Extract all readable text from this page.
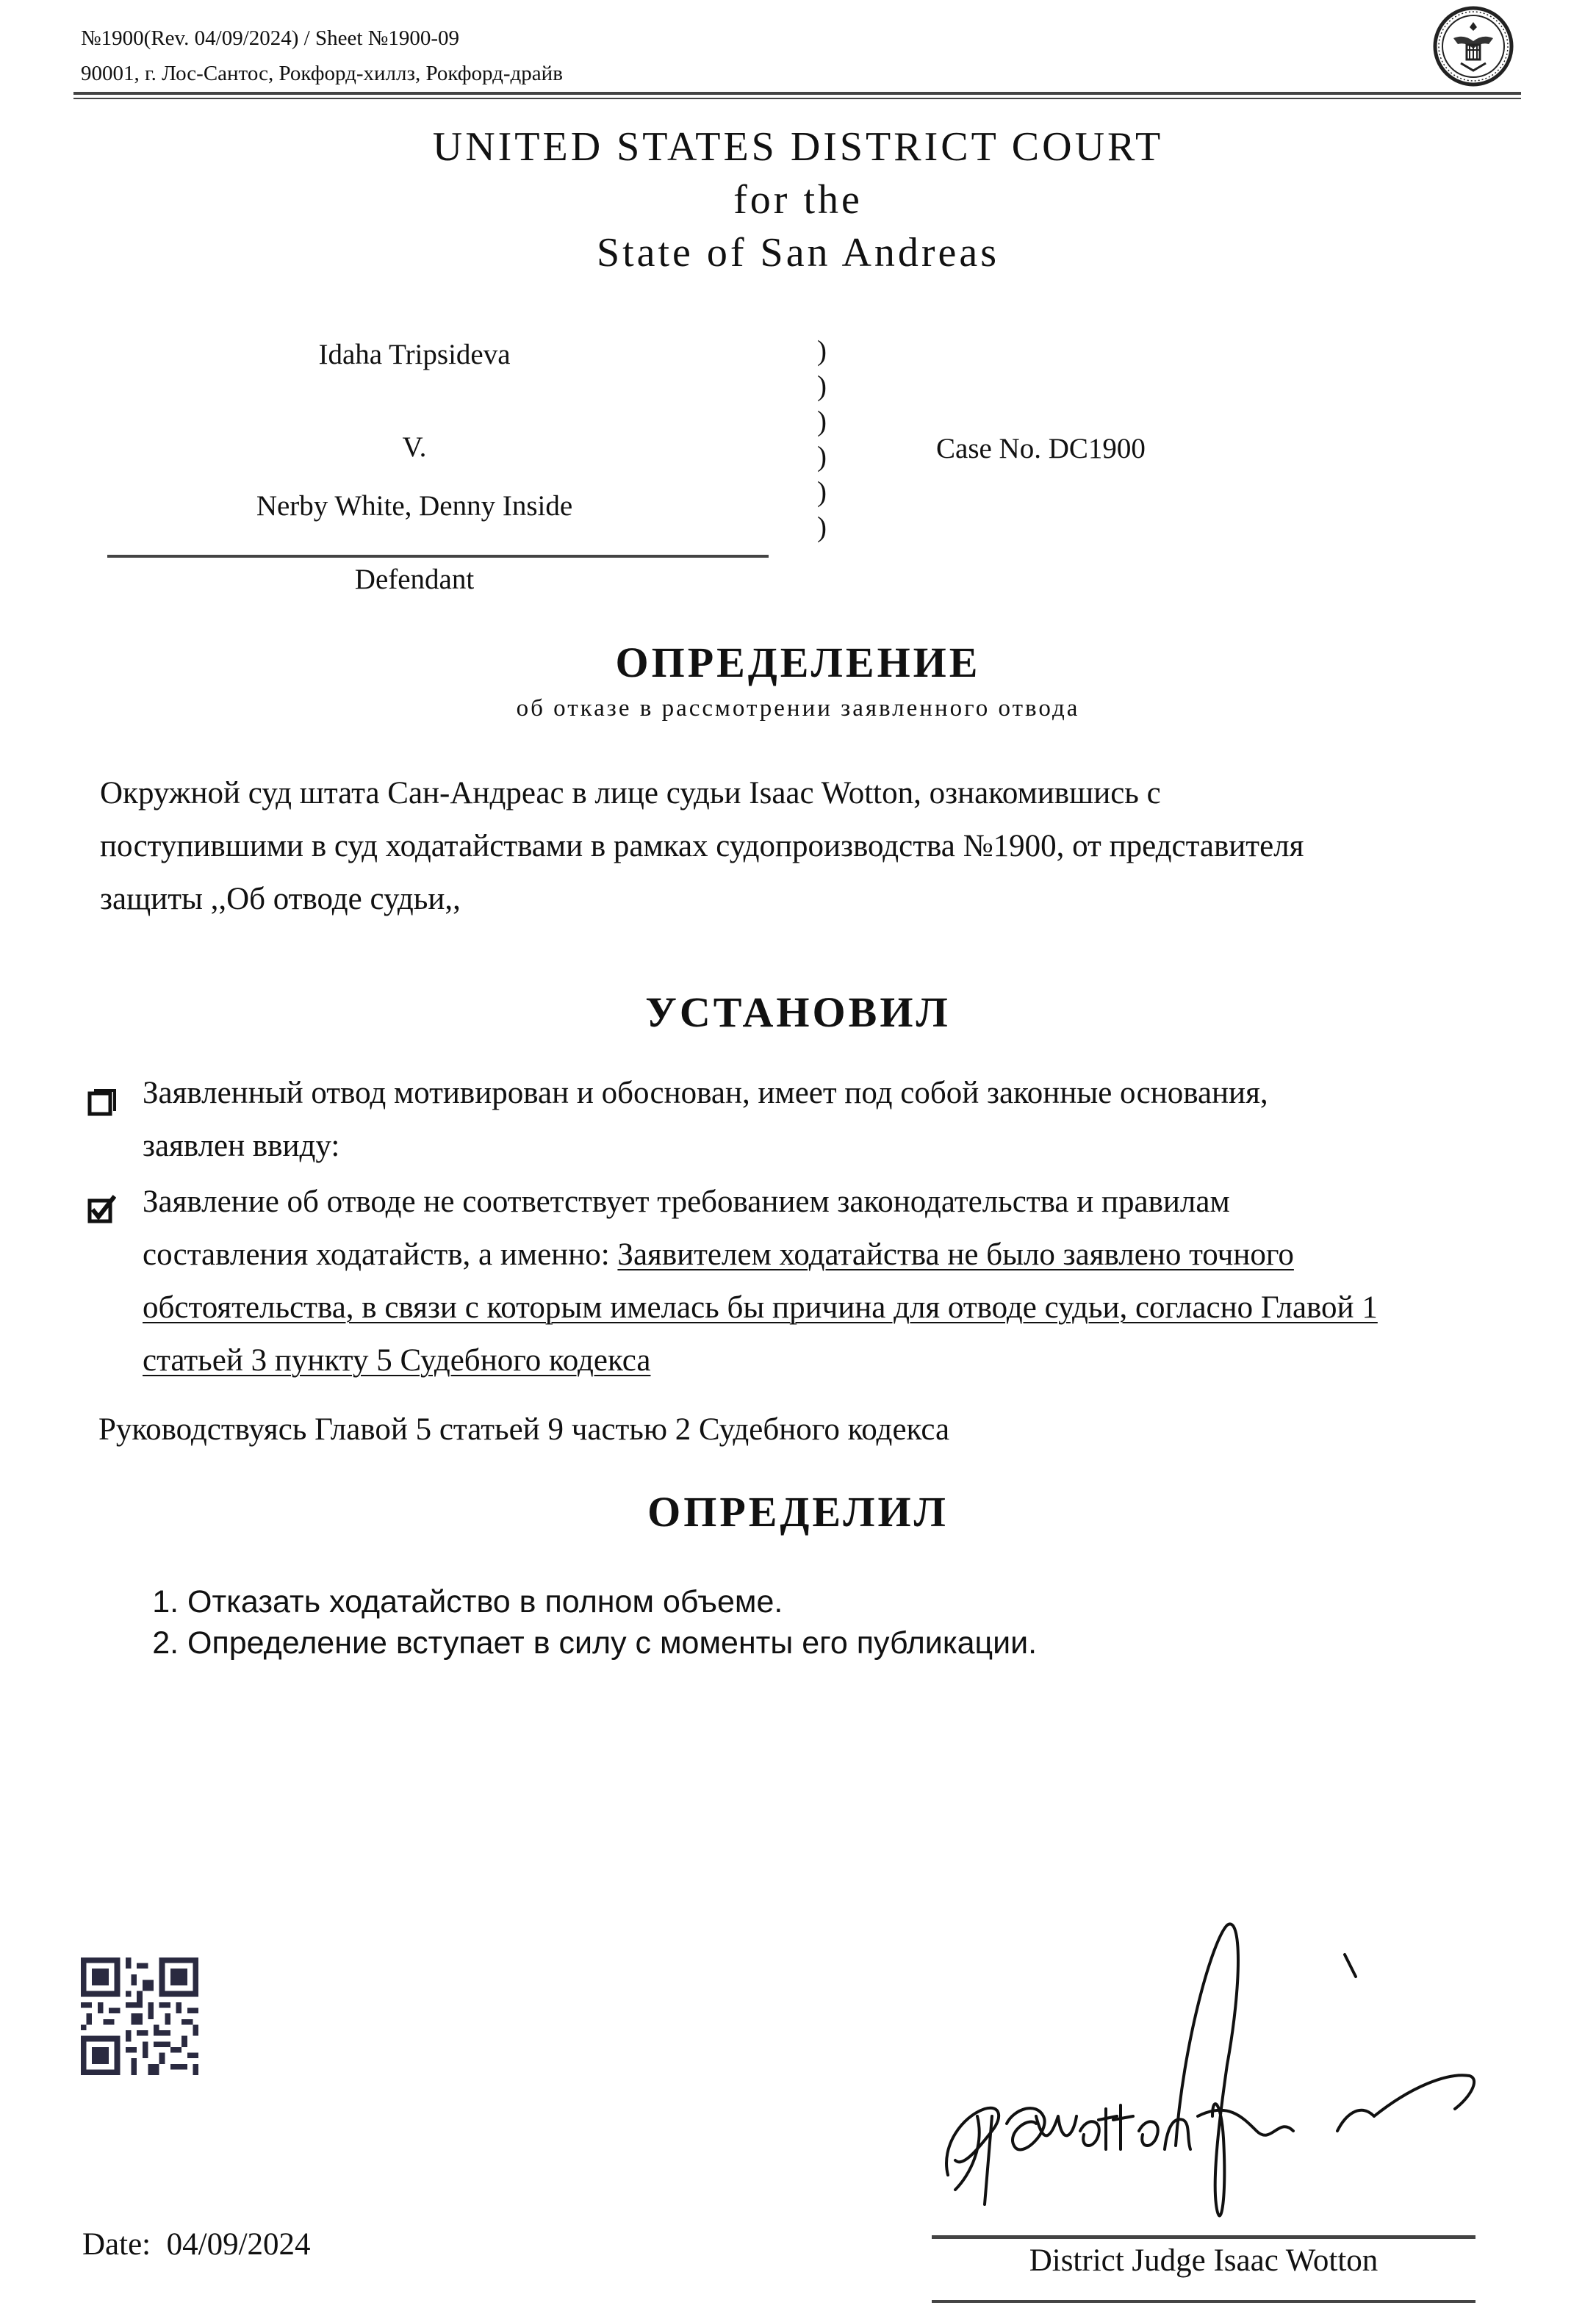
№1900(Rev. 04/09/2024) / Sheet №1900-09
90001, г. Лос-Сантос, Рокфорд-хиллз, Рокфорд-драйв
UNITED STATES DISTRICT COURT
for the
State of San Andreas
Idaha Tripsideva
V.
Nerby White, Denny Inside
Defendant
)
)
)
)
)
)
Case No. DC1900
ОПРЕДЕЛЕНИЕ
об отказе в рассмотрении заявленного отвода
Окружной суд штата Сан-Андреас в лице судьи Isaac Wotton, ознакомившись с
поступившими в суд ходатайствами в рамках судопроизводства №1900, от представителя
защиты ,,Об отводе судьи,,
УСТАНОВИЛ
Заявленный отвод мотивирован и обоснован, имеет под собой законные основания,
заявлен ввиду:
Заявление об отводе не соответствует требованием законодательства и правилам
составления ходатайств, а именно: Заявителем ходатайства не было заявлено точного
обстоятельства, в связи с которым имелась бы причина для отводе судьи, согласно Главой 1
статьей 3 пункту 5 Судебного кодекса
Руководствуясь Главой 5 статьей 9 частью 2 Судебного кодекса
ОПРЕДЕЛИЛ
1. Отказать ходатайство в полном объеме.
2. Определение вступает в силу с моменты его публикации.
Date: 04/09/2024	District Judge Isaac Wotton
